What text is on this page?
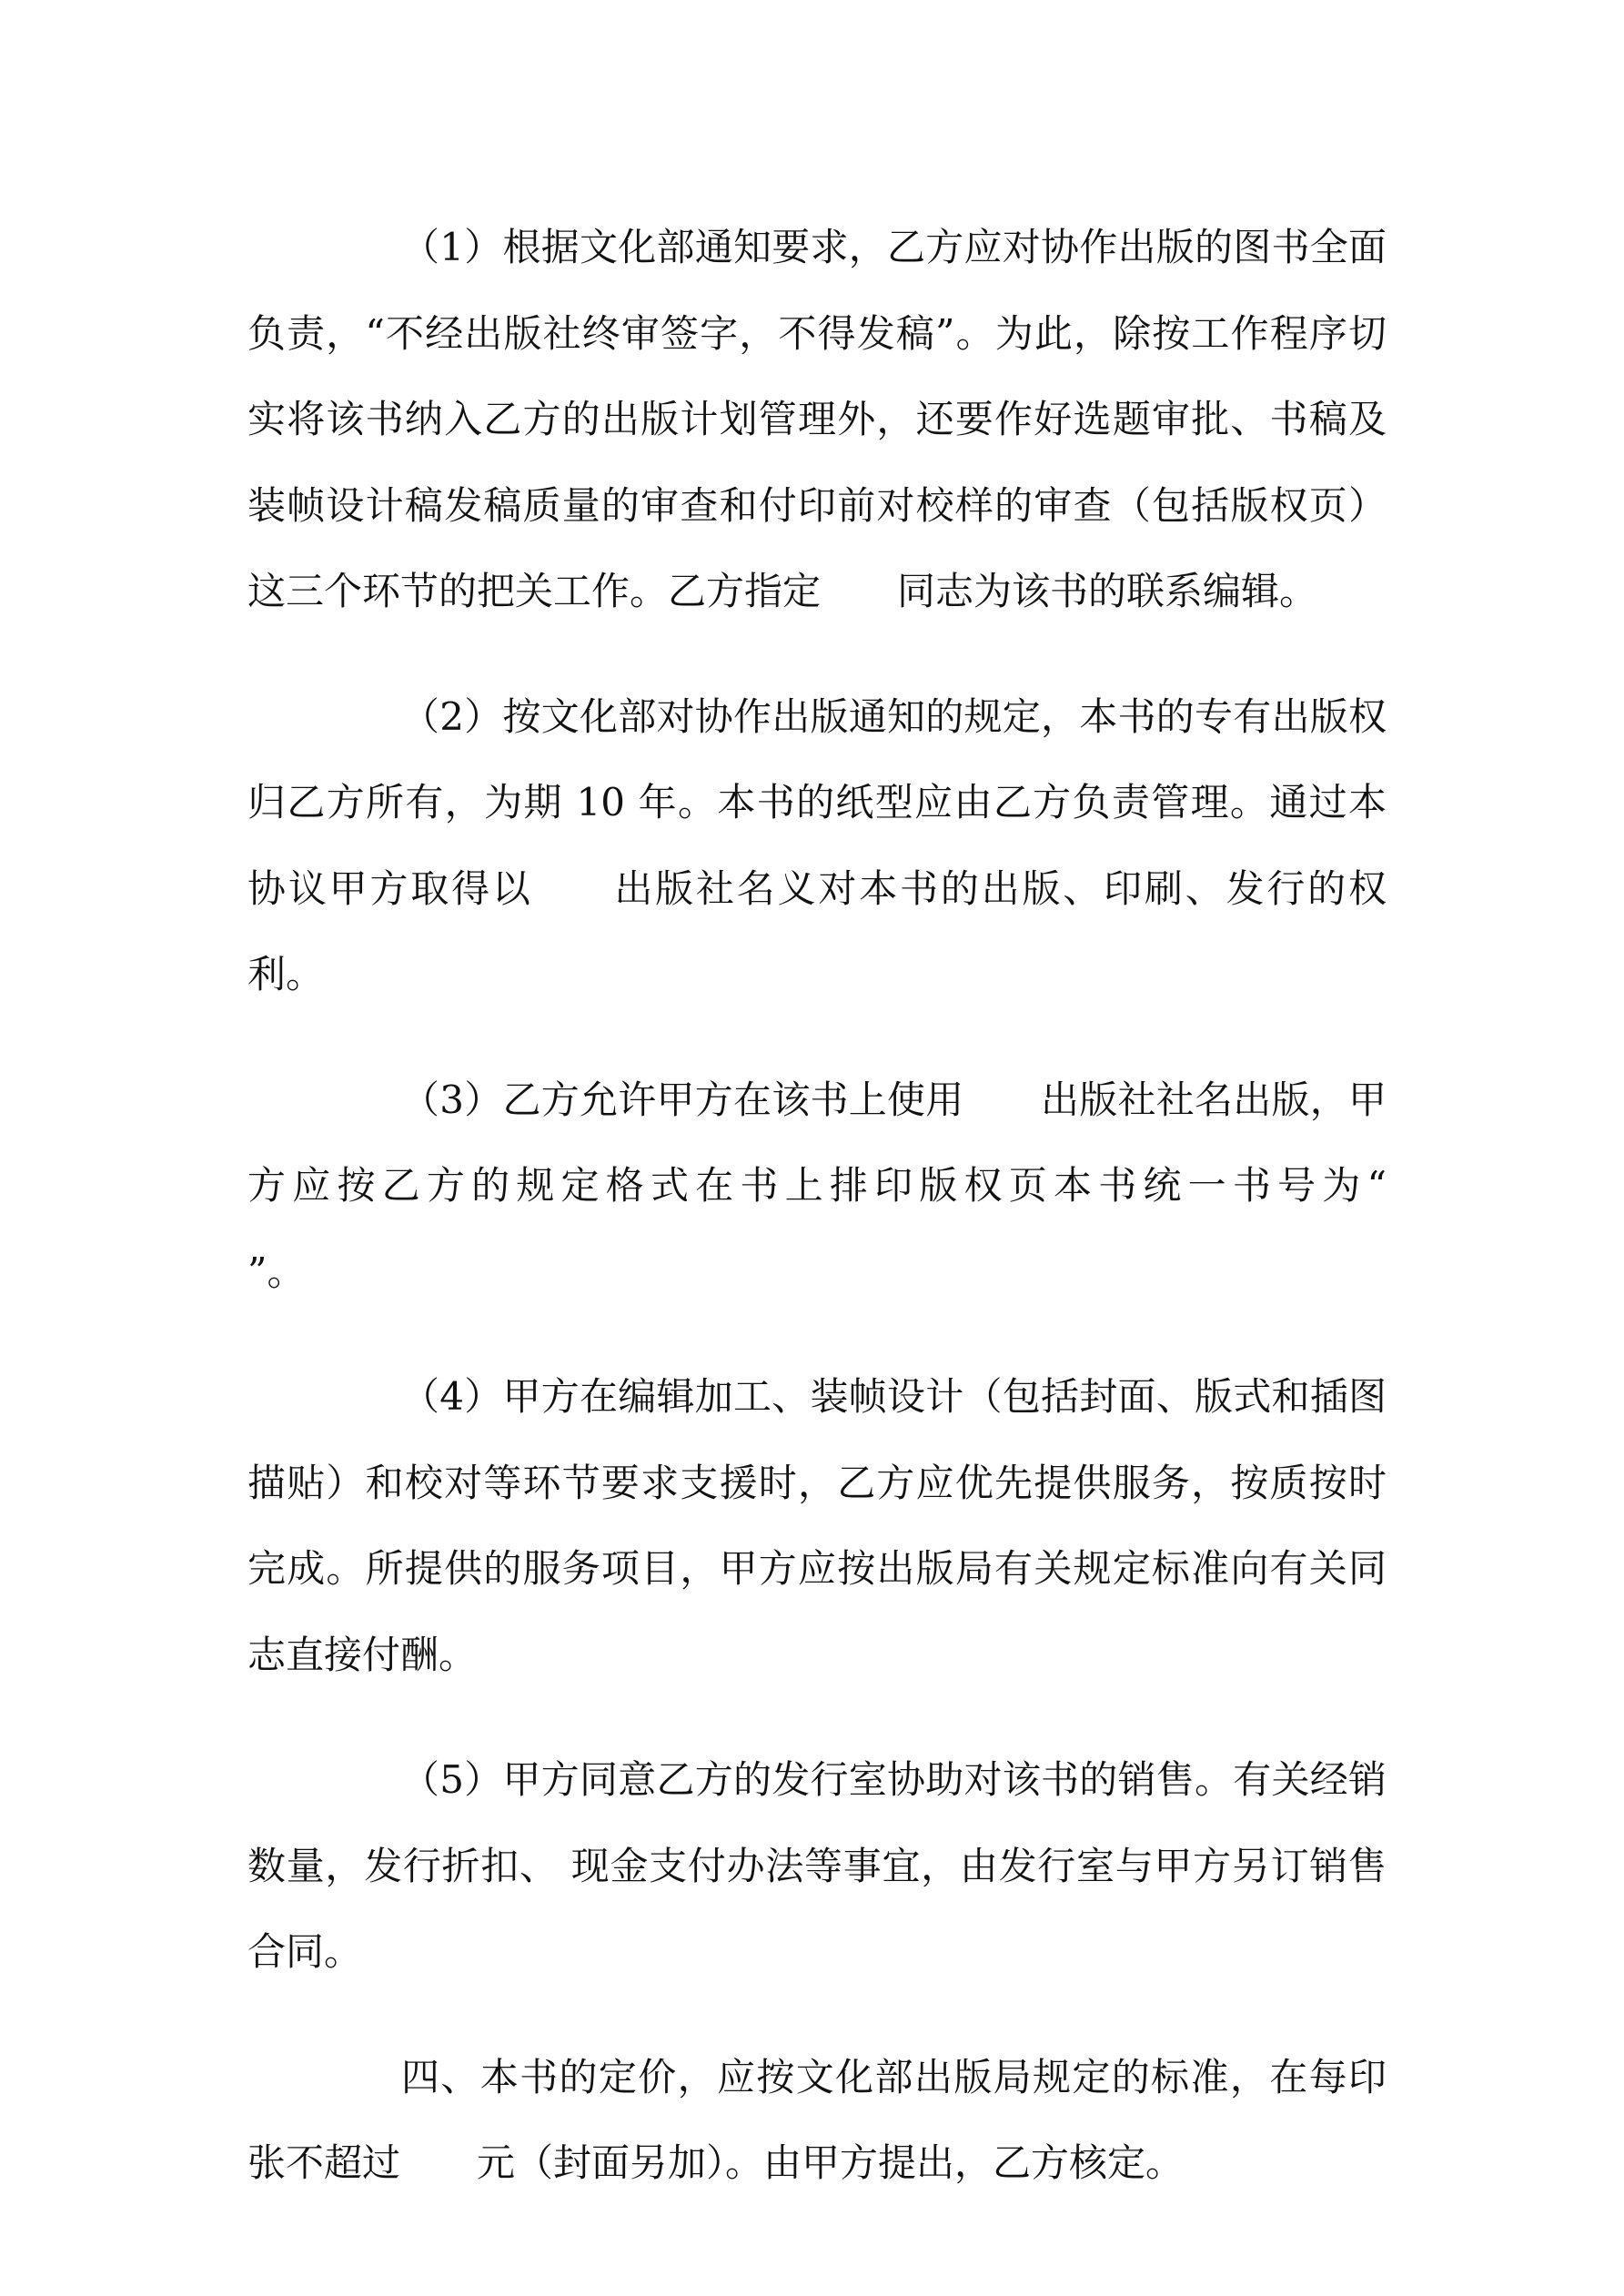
（1）根据文化部通知要求，乙方应对协作出版的图书全面负责，“不经出版社终审签字，不得发稿”。为此，除按工作程序切实将该书纳入乙方的出版计划管理外，还要作好选题审批、书稿及装帧设计稿发稿质量的审查和付印前对校样的审查（包括版权页）这三个环节的把关工作。乙方指定　　同志为该书的联系编辑。

（2）按文化部对协作出版通知的规定，本书的专有出版权归乙方所有，为期 10 年。本书的纸型应由乙方负责管理。通过本协议甲方取得以　　出版社名义对本书的出版、印刷、发行的权利。

（3）乙方允许甲方在该书上使用　　出版社社名出版，甲方应按乙方的规定格式在书上排印版权页本书统一书号为“　　　　”。

（4）甲方在编辑加工、装帧设计（包括封面、版式和插图描贴）和校对等环节要求支援时，乙方应优先提供服务，按质按时完成。所提供的服务项目，甲方应按出版局有关规定标准向有关同志直接付酬。

（5）甲方同意乙方的发行室协助对该书的销售。有关经销数量，发行折扣、 现金支付办法等事宜，由发行室与甲方另订销售合同。

四、本书的定价，应按文化部出版局规定的标准，在每印张不超过　　元（封面另加）。由甲方提出，乙方核定。
